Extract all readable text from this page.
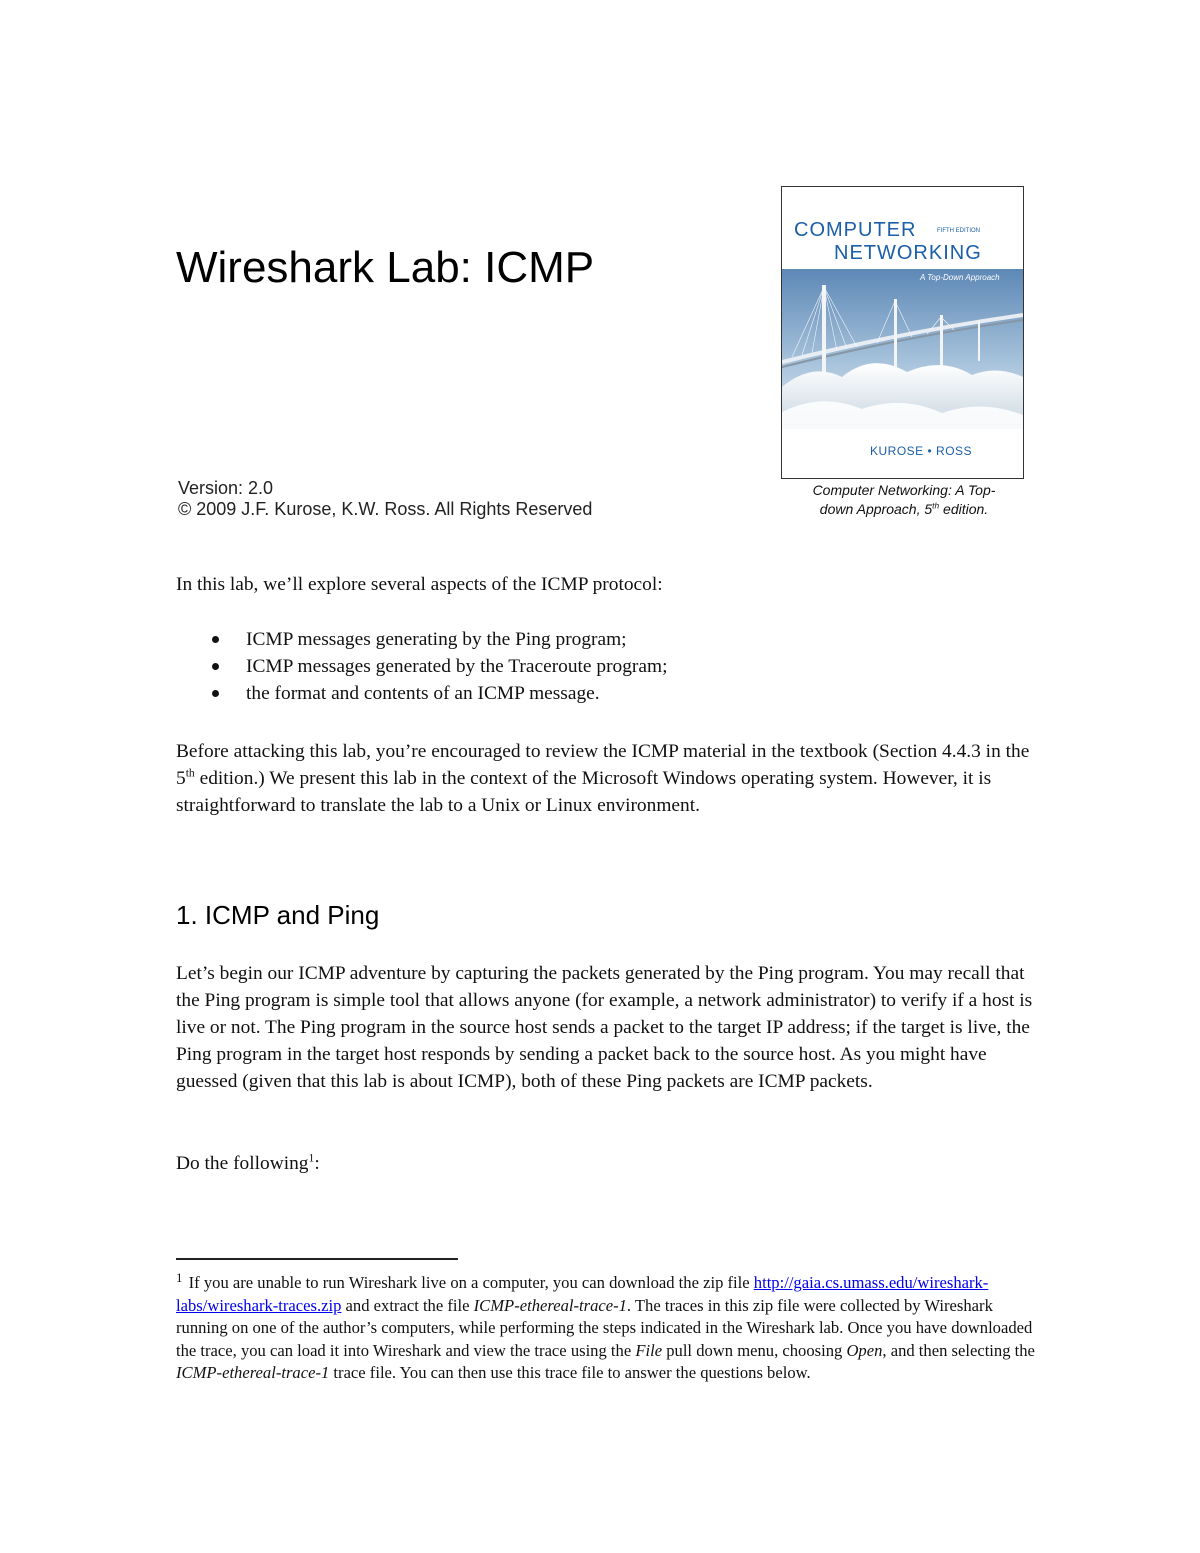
Wireshark Lab: ICMP
Version: 2.0
© 2009 J.F. Kurose, K.W. Ross. All Rights Reserved
COMPUTER	FIFTH EDITION
NETWORKING
A Top-Down Approach
KUROSE • ROSS
Computer Networking: A Top-
down Approach, 5th edition.
In this lab, we’ll explore several aspects of the ICMP protocol:
ICMP messages generating by the Ping program;
ICMP messages generated by the Traceroute program;
the format and contents of an ICMP message.
Before attacking this lab, you’re encouraged to review the ICMP material in the textbook (Section 4.4.3 in the 5th edition.) We present this lab in the context of the Microsoft Windows operating system. However, it is straightforward to translate the lab to a Unix or Linux environment.
1. ICMP and Ping
Let’s begin our ICMP adventure by capturing the packets generated by the Ping program. You may recall that the Ping program is simple tool that allows anyone (for example, a network administrator) to verify if a host is live or not. The Ping program in the source host sends a packet to the target IP address; if the target is live, the Ping program in the target host responds by sending a packet back to the source host. As you might have guessed (given that this lab is about ICMP), both of these Ping packets are ICMP packets.
Do the following$^1$:
$^1$ If you are unable to run Wireshark live on a computer, you can download the zip file http://gaia.cs.umass.edu/wireshark-labs/wireshark-traces.zip and extract the file ICMP-ethereal-trace-1. The traces in this zip file were collected by Wireshark running on one of the author’s computers, while performing the steps indicated in the Wireshark lab. Once you have downloaded the trace, you can load it into Wireshark and view the trace using the File pull down menu, choosing Open, and then selecting the ICMP-ethereal-trace-1 trace file. You can then use this trace file to answer the questions below.
